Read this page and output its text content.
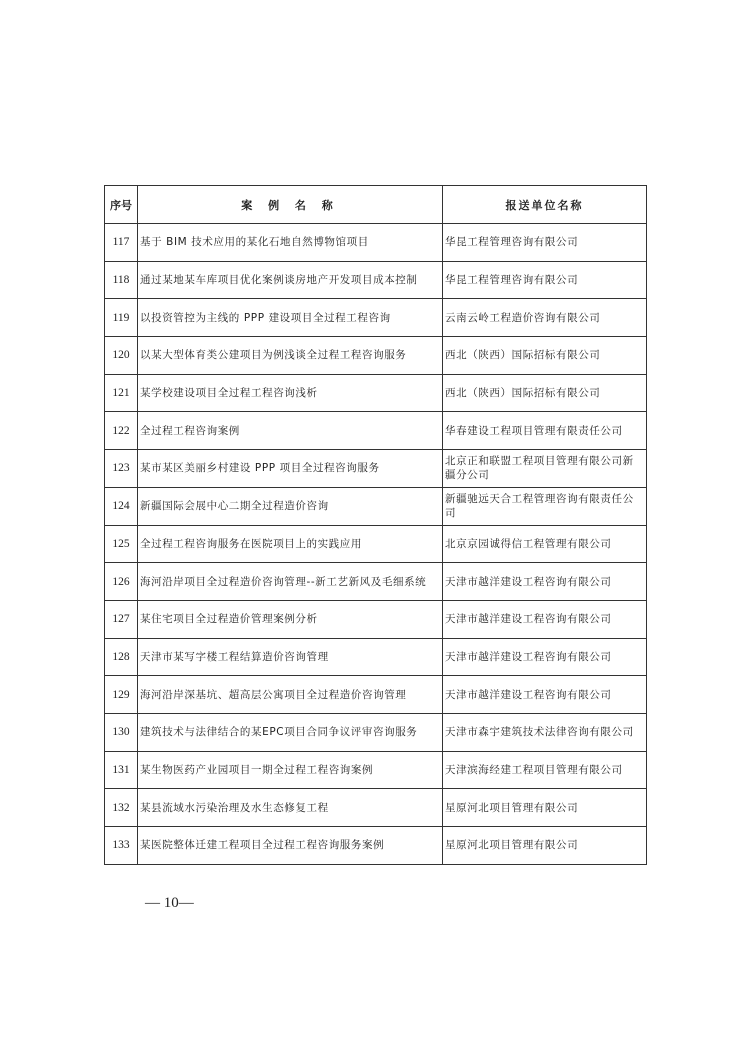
序号	案 例 名 称	报送单位名称
117	基于 BIM 技术应用的某化石地自然博物馆项目	华昆工程管理咨询有限公司
118	通过某地某车库项目优化案例谈房地产开发项目成本控制	华昆工程管理咨询有限公司
119	以投资管控为主线的 PPP 建设项目全过程工程咨询	云南云岭工程造价咨询有限公司
120	以某大型体育类公建项目为例浅谈全过程工程咨询服务	西北（陕西）国际招标有限公司
121	某学校建设项目全过程工程咨询浅析	西北（陕西）国际招标有限公司
122	全过程工程咨询案例	华春建设工程项目管理有限责任公司
123	某市某区美丽乡村建设 PPP 项目全过程咨询服务	北京正和联盟工程项目管理有限公司新疆分公司
124	新疆国际会展中心二期全过程造价咨询	新疆驰远天合工程管理咨询有限责任公司
125	全过程工程咨询服务在医院项目上的实践应用	北京京园诚得信工程管理有限公司
126	海河沿岸项目全过程造价咨询管理--新工艺新风及毛细系统	天津市越洋建设工程咨询有限公司
127	某住宅项目全过程造价管理案例分析	天津市越洋建设工程咨询有限公司
128	天津市某写字楼工程结算造价咨询管理	天津市越洋建设工程咨询有限公司
129	海河沿岸深基坑、超高层公寓项目全过程造价咨询管理	天津市越洋建设工程咨询有限公司
130	建筑技术与法律结合的某EPC项目合同争议评审咨询服务	天津市森宇建筑技术法律咨询有限公司
131	某生物医药产业园项目一期全过程工程咨询案例	天津滨海经建工程项目管理有限公司
132	某县流域水污染治理及水生态修复工程	星原河北项目管理有限公司
133	某医院整体迁建工程项目全过程工程咨询服务案例	星原河北项目管理有限公司
— 10—
